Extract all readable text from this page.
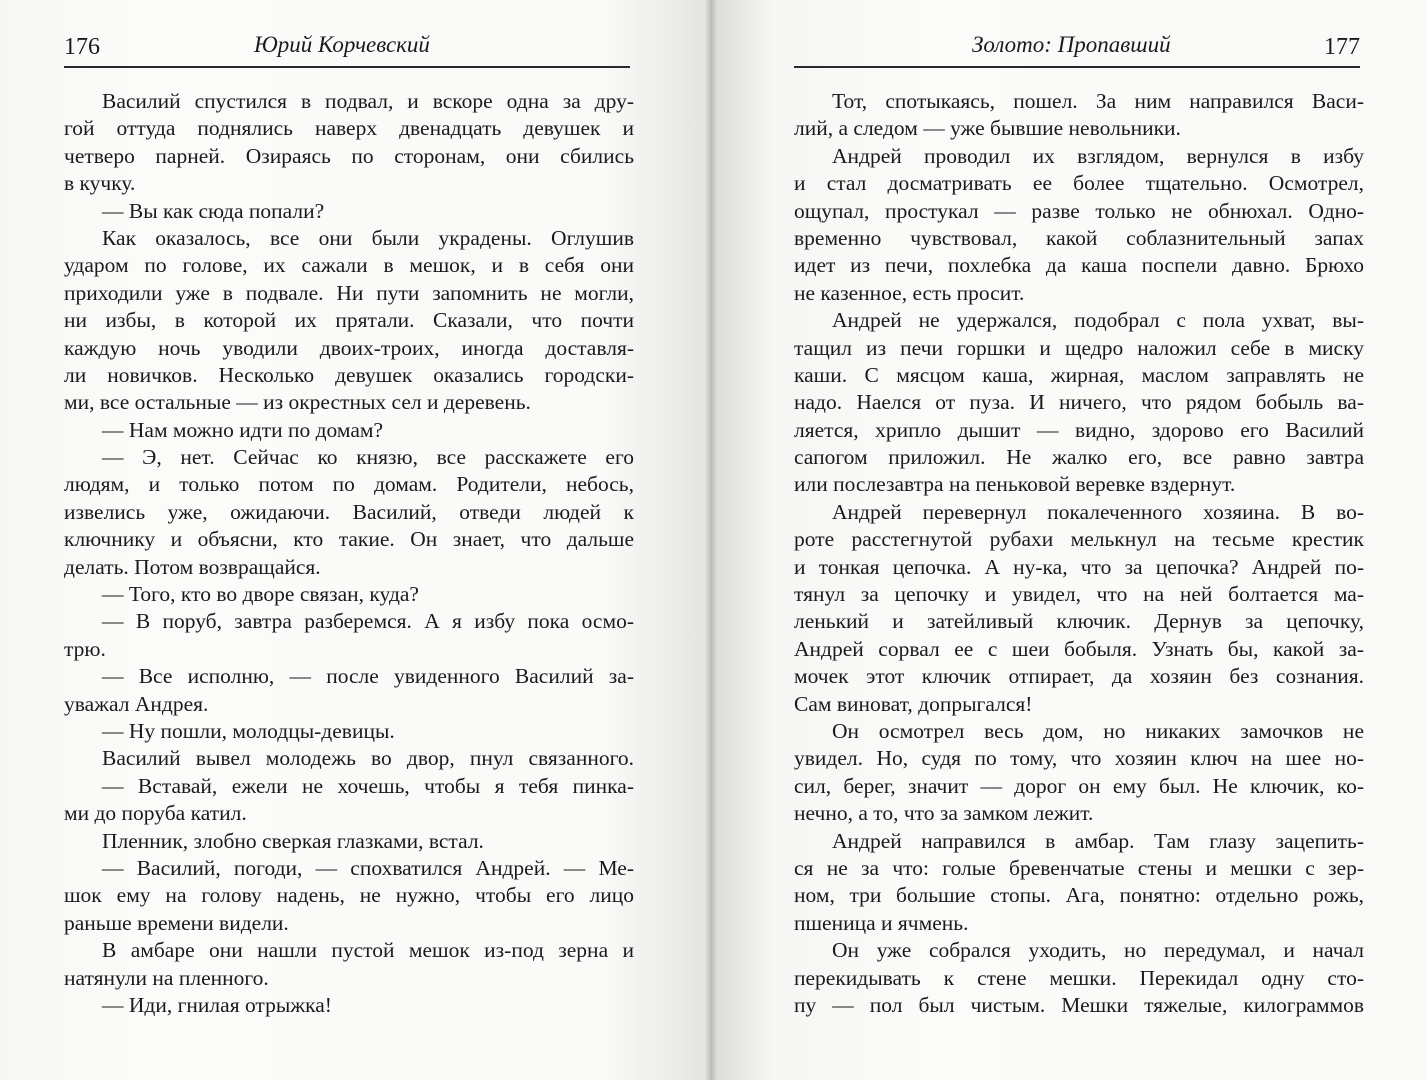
176	Юрий Корчевский
Василий спустился в подвал, и вскоре одна за дру-
гой оттуда поднялись наверх двенадцать девушек и
четверо парней. Озираясь по сторонам, они сбились
в кучку.
— Вы как сюда попали?
Как оказалось, все они были украдены. Оглушив
ударом по голове, их сажали в мешок, и в себя они
приходили уже в подвале. Ни пути запомнить не могли,
ни избы, в которой их прятали. Сказали, что почти
каждую ночь уводили двоих-троих, иногда доставля-
ли новичков. Несколько девушек оказались городски-
ми, все остальные — из окрестных сел и деревень.
— Нам можно идти по домам?
— Э, нет. Сейчас ко князю, все расскажете его
людям, и только потом по домам. Родители, небось,
извелись уже, ожидаючи. Василий, отведи людей к
ключнику и объясни, кто такие. Он знает, что дальше
делать. Потом возвращайся.
— Того, кто во дворе связан, куда?
— В поруб, завтра разберемся. А я избу пока осмо-
трю.
— Все исполню, — после увиденного Василий за-
уважал Андрея.
— Ну пошли, молодцы-девицы.
Василий вывел молодежь во двор, пнул связанного.
— Вставай, ежели не хочешь, чтобы я тебя пинка-
ми до поруба катил.
Пленник, злобно сверкая глазками, встал.
— Василий, погоди, — спохватился Андрей. — Ме-
шок ему на голову надень, не нужно, чтобы его лицо
раньше времени видели.
В амбаре они нашли пустой мешок из-под зерна и
натянули на пленного.
— Иди, гнилая отрыжка!
Золото: Пропавший	177
Тот, спотыкаясь, пошел. За ним направился Васи-
лий, а следом — уже бывшие невольники.
Андрей проводил их взглядом, вернулся в избу
и стал досматривать ее более тщательно. Осмотрел,
ощупал, простукал — разве только не обнюхал. Одно-
временно чувствовал, какой соблазнительный запах
идет из печи, похлебка да каша поспели давно. Брюхо
не казенное, есть просит.
Андрей не удержался, подобрал с пола ухват, вы-
тащил из печи горшки и щедро наложил себе в миску
каши. С мясцом каша, жирная, маслом заправлять не
надо. Наелся от пуза. И ничего, что рядом бобыль ва-
ляется, хрипло дышит — видно, здорово его Василий
сапогом приложил. Не жалко его, все равно завтра
или послезавтра на пеньковой веревке вздернут.
Андрей перевернул покалеченного хозяина. В во-
роте расстегнутой рубахи мелькнул на тесьме крестик
и тонкая цепочка. А ну-ка, что за цепочка? Андрей по-
тянул за цепочку и увидел, что на ней болтается ма-
ленький и затейливый ключик. Дернув за цепочку,
Андрей сорвал ее с шеи бобыля. Узнать бы, какой за-
мочек этот ключик отпирает, да хозяин без сознания.
Сам виноват, допрыгался!
Он осмотрел весь дом, но никаких замочков не
увидел. Но, судя по тому, что хозяин ключ на шее но-
сил, берег, значит — дорог он ему был. Не ключик, ко-
нечно, а то, что за замком лежит.
Андрей направился в амбар. Там глазу зацепить-
ся не за что: голые бревенчатые стены и мешки с зер-
ном, три большие стопы. Ага, понятно: отдельно рожь,
пшеница и ячмень.
Он уже собрался уходить, но передумал, и начал
перекидывать к стене мешки. Перекидал одну сто-
пу — пол был чистым. Мешки тяжелые, килограммов
